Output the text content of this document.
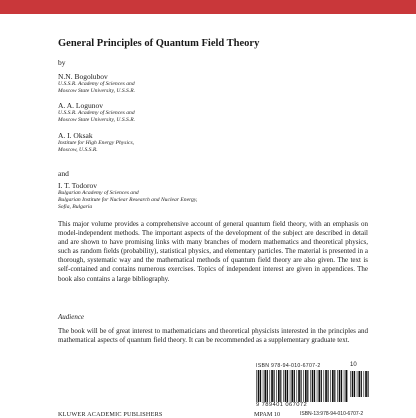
General Principles of Quantum Field Theory
by
N.N. Bogolubov
U.S.S.R. Academy of Sciences and
Moscow State University, U.S.S.R.
A. A. Logunov
U.S.S.R. Academy of Sciences and
Moscow State University, U.S.S.R.
A. I. Oksak
Institute for High Energy Physics,
Moscow, U.S.S.R.
and
I. T. Todorov
Bulgarian Academy of Sciences and
Bulgarian Institute for Nuclear Research and Nuclear Energy,
Sofia, Bulgaria

This major volume provides a comprehensive account of general quantum field theory, with an emphasis on model-independent methods. The important aspects of the development of the subject are described in detail and are shown to have promising links with many branches of modern mathematics and theoretical physics, such as random fields (probability), statistical physics, and elementary particles. The material is presented in a thorough, systematic way and the mathematical methods of quantum field theory are also given. The text is self-contained and contains numerous exercises. Topics of independent interest are given in appendices. The book also contains a large bibliography.

Audience

The book will be of great interest to mathematicians and theoretical physicists interested in the principles and mathematical aspects of quantum field theory. It can be recommended as a supplementary graduate text.

ISBN 978-94-010-6707-2
9 789401 067072
10
KLUWER ACADEMIC PUBLISHERS	MPAM 10	ISBN-13:978-94-010-6707-2
